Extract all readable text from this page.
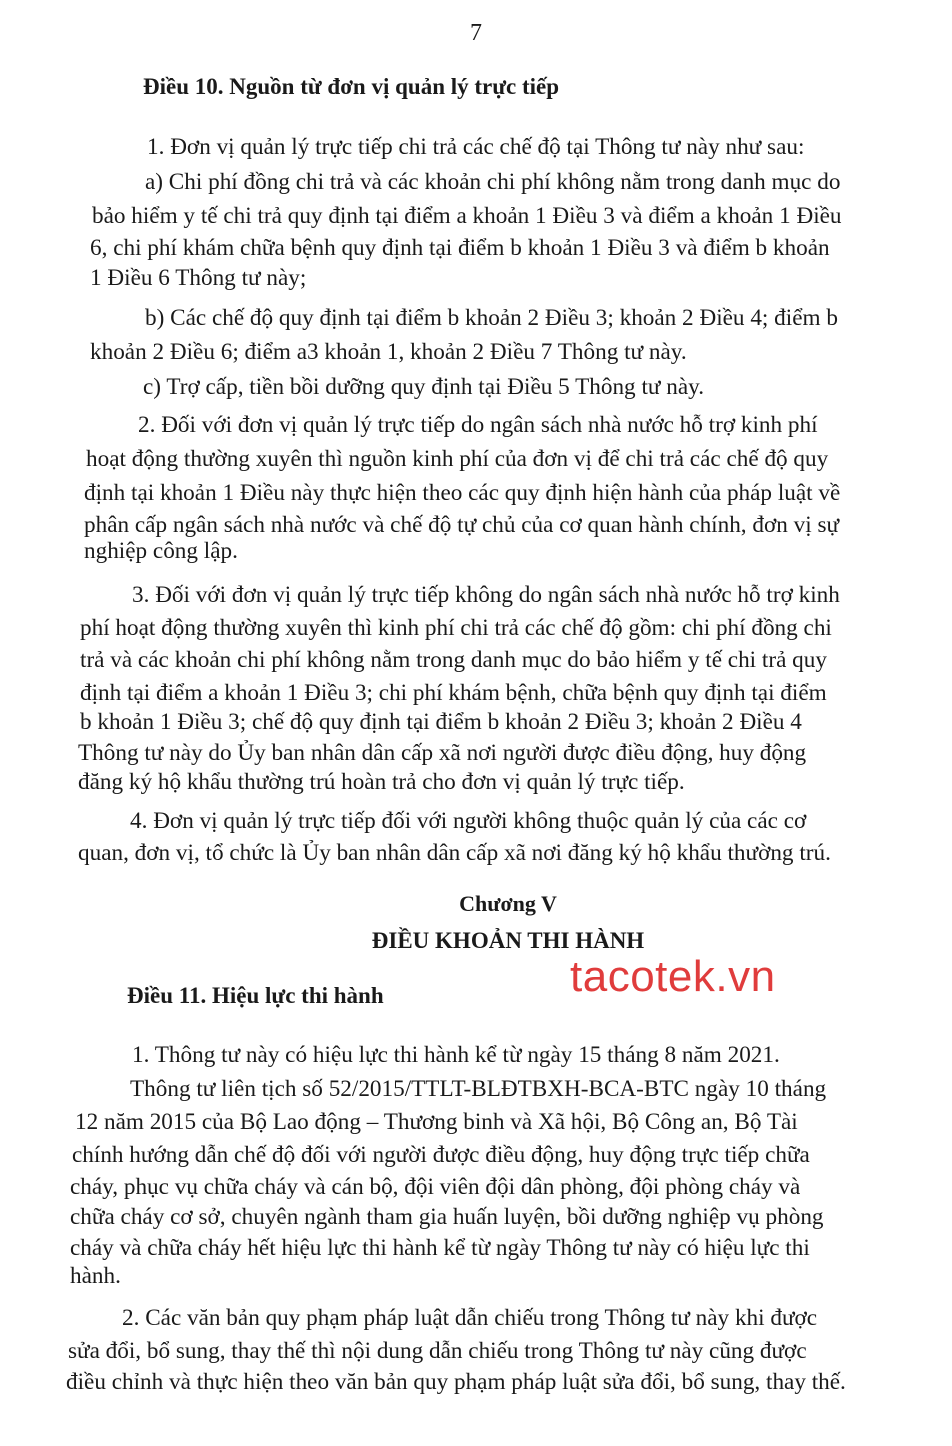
7
Điều 10. Nguồn từ đơn vị quản lý trực tiếp
1. Đơn vị quản lý trực tiếp chi trả các chế độ tại Thông tư này như sau:
a) Chi phí đồng chi trả và các khoản chi phí không nằm trong danh mục do
bảo hiểm y tế chi trả quy định tại điểm a khoản 1 Điều 3 và điểm a khoản 1 Điều
6, chi phí khám chữa bệnh quy định tại điểm b khoản 1 Điều 3 và điểm b khoản
1 Điều 6 Thông tư này;
b) Các chế độ quy định tại điểm b khoản 2 Điều 3; khoản 2 Điều 4; điểm b
khoản 2 Điều 6; điểm a3 khoản 1, khoản 2 Điều 7 Thông tư này.
c) Trợ cấp, tiền bồi dưỡng quy định tại Điều 5 Thông tư này.
2. Đối với đơn vị quản lý trực tiếp do ngân sách nhà nước hỗ trợ kinh phí
hoạt động thường xuyên thì nguồn kinh phí của đơn vị để chi trả các chế độ quy
định tại khoản 1 Điều này thực hiện theo các quy định hiện hành của pháp luật về
phân cấp ngân sách nhà nước và chế độ tự chủ của cơ quan hành chính, đơn vị sự
nghiệp công lập.
3. Đối với đơn vị quản lý trực tiếp không do ngân sách nhà nước hỗ trợ kinh
phí hoạt động thường xuyên thì kinh phí chi trả các chế độ gồm: chi phí đồng chi
trả và các khoản chi phí không nằm trong danh mục do bảo hiểm y tế chi trả quy
định tại điểm a khoản 1 Điều 3; chi phí khám bệnh, chữa bệnh quy định tại điểm
b khoản 1 Điều 3; chế độ quy định tại điểm b khoản 2 Điều 3; khoản 2 Điều 4
Thông tư này do Ủy ban nhân dân cấp xã nơi người được điều động, huy động
đăng ký hộ khẩu thường trú hoàn trả cho đơn vị quản lý trực tiếp.
4. Đơn vị quản lý trực tiếp đối với người không thuộc quản lý của các cơ
quan, đơn vị, tổ chức là Ủy ban nhân dân cấp xã nơi đăng ký hộ khẩu thường trú.
Chương V
ĐIỀU KHOẢN THI HÀNH
Điều 11. Hiệu lực thi hành
1. Thông tư này có hiệu lực thi hành kể từ ngày 15 tháng 8 năm 2021.
Thông tư liên tịch số 52/2015/TTLT-BLĐTBXH-BCA-BTC ngày 10 tháng
12 năm 2015 của Bộ Lao động – Thương binh và Xã hội, Bộ Công an, Bộ Tài
chính hướng dẫn chế độ đối với người được điều động, huy động trực tiếp chữa
cháy, phục vụ chữa cháy và cán bộ, đội viên đội dân phòng, đội phòng cháy và
chữa cháy cơ sở, chuyên ngành tham gia huấn luyện, bồi dưỡng nghiệp vụ phòng
cháy và chữa cháy hết hiệu lực thi hành kể từ ngày Thông tư này có hiệu lực thi
hành.
2. Các văn bản quy phạm pháp luật dẫn chiếu trong Thông tư này khi được
sửa đổi, bổ sung, thay thế thì nội dung dẫn chiếu trong Thông tư này cũng được
điều chỉnh và thực hiện theo văn bản quy phạm pháp luật sửa đổi, bổ sung, thay thế.
tacotek.vn
